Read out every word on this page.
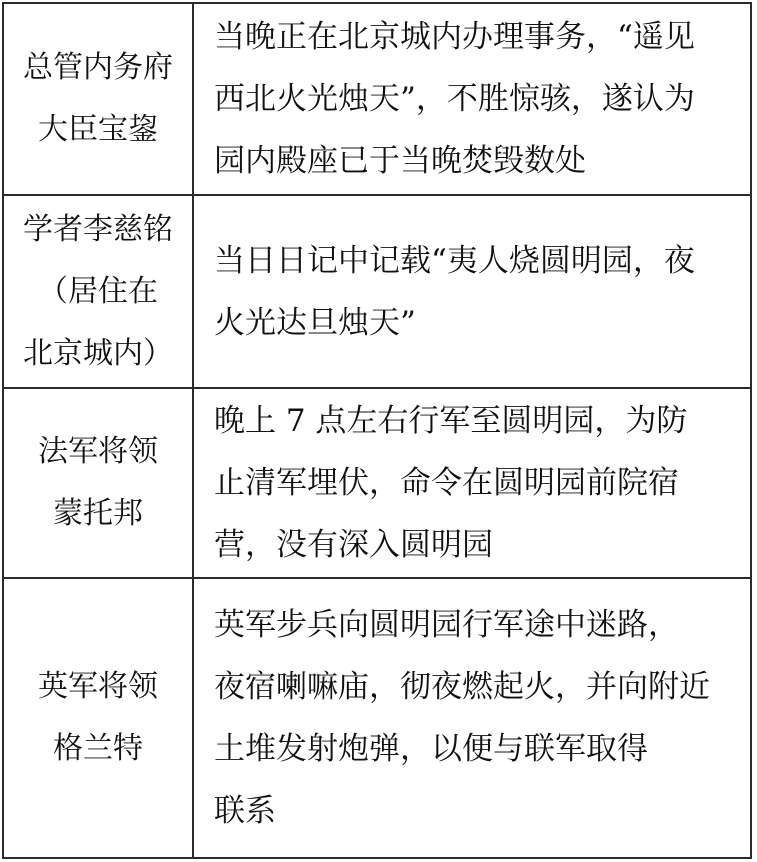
总管内务府
大臣宝鋆	当晚正在北京城内办理事务，“遥见
西北火光烛天”，不胜惊骇，遂认为
园内殿座已于当晚焚毁数处

学者李慈铭
（居住在
北京城内）	当日日记中记载“夷人烧圆明园，夜
火光达旦烛天”

法军将领
蒙托邦	晚上 7 点左右行军至圆明园，为防
止清军埋伏，命令在圆明园前院宿
营，没有深入圆明园

英军将领
格兰特	英军步兵向圆明园行军途中迷路，
夜宿喇嘛庙，彻夜燃起火，并向附近
土堆发射炮弹，以便与联军取得
联系
